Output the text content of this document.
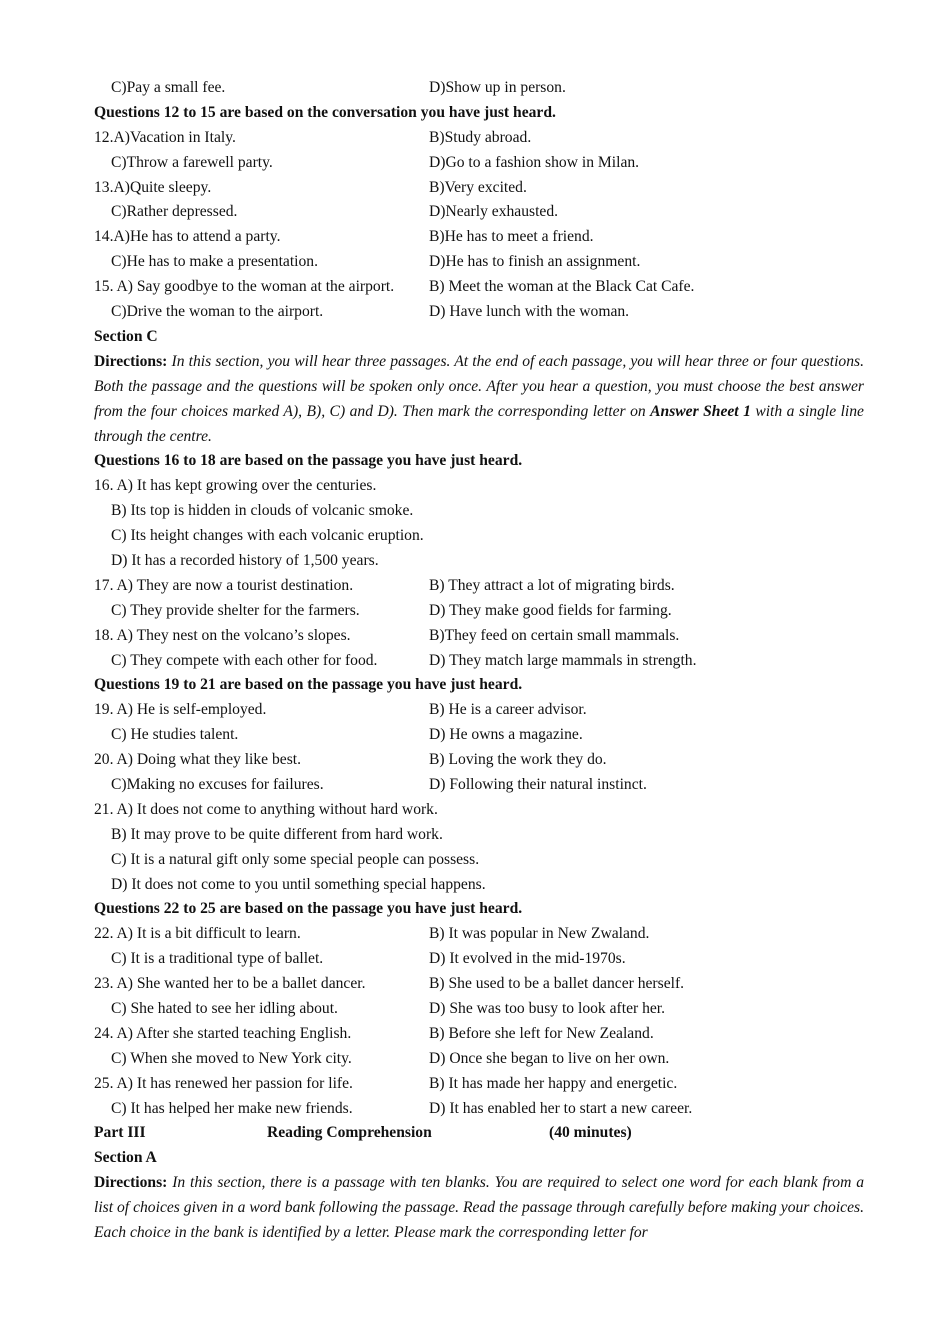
C)Pay a small fee.	D)Show up in person.
Questions 12 to 15 are based on the conversation you have just heard.
12.A)Vacation in Italy.	B)Study abroad.
C)Throw a farewell party.	D)Go to a fashion show in Milan.
13.A)Quite sleepy.	B)Very excited.
C)Rather depressed.	D)Nearly exhausted.
14.A)He has to attend a party.	B)He has to meet a friend.
C)He has to make a presentation.	D)He has to finish an assignment.
15. A) Say goodbye to the woman at the airport. B) Meet the woman at the Black Cat Cafe.
C)Drive the woman to the airport.	D) Have lunch with the woman.
Section C
Directions: In this section, you will hear three passages. At the end of each passage, you will hear three or four questions. Both the passage and the questions will be spoken only once. After you hear a question, you must choose the best answer from the four choices marked A), B), C) and D). Then mark the corresponding letter on Answer Sheet 1 with a single line through the centre.
Questions 16 to 18 are based on the passage you have just heard.
16. A) It has kept growing over the centuries.
B) Its top is hidden in clouds of volcanic smoke.
C) Its height changes with each volcanic eruption.
D) It has a recorded history of 1,500 years.
17. A) They are now a tourist destination.	B) They attract a lot of migrating birds.
C) They provide shelter for the farmers.	D) They make good fields for farming.
18. A) They nest on the volcano’s slopes.	B)They feed on certain small mammals.
C) They compete with each other for food.	D) They match large mammals in strength.
Questions 19 to 21 are based on the passage you have just heard.
19. A) He is self-employed.	B) He is a career advisor.
C) He studies talent.	D) He owns a magazine.
20. A) Doing what they like best.	B) Loving the work they do.
C)Making no excuses for failures.	D) Following their natural instinct.
21. A) It does not come to anything without hard work.
B) It may prove to be quite different from hard work.
C) It is a natural gift only some special people can possess.
D) It does not come to you until something special happens.
Questions 22 to 25 are based on the passage you have just heard.
22. A) It is a bit difficult to learn.	B) It was popular in New Zwaland.
C) It is a traditional type of ballet.	D) It evolved in the mid-1970s.
23. A) She wanted her to be a ballet dancer.	B) She used to be a ballet dancer herself.
C) She hated to see her idling about.	D) She was too busy to look after her.
24. A) After she started teaching English.	B) Before she left for New Zealand.
C) When she moved to New York city.	D) Once she began to live on her own.
25. A) It has renewed her passion for life.	B) It has made her happy and energetic.
C) It has helped her make new friends.	D) It has enabled her to start a new career.
Part III	Reading Comprehension	(40 minutes)
Section A
Directions: In this section, there is a passage with ten blanks. You are required to select one word for each blank from a list of choices given in a word bank following the passage. Read the passage through carefully before making your choices. Each choice in the bank is identified by a letter. Please mark the corresponding letter for
